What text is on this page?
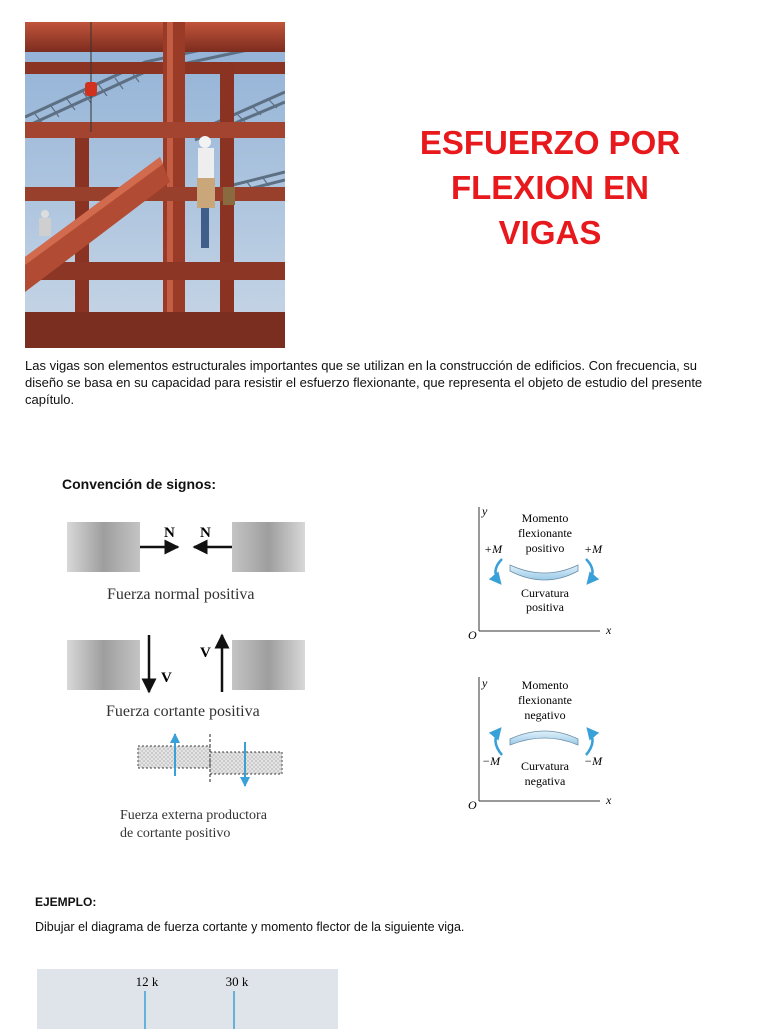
ESFUERZO POR
FLEXION EN
VIGAS
Las vigas son elementos estructurales importantes que se utilizan en la construcción de edificios. Con frecuencia, su diseño se basa en su capacidad para resistir el esfuerzo flexionante, que representa el objeto de estudio del presente capítulo.
Convención de signos:
N N
Fuerza normal positiva
V
V
Fuerza cortante positiva
Fuerza externa productora
de cortante positivo
y
x
O
Momento
flexionante
positivo
+M	+M
Curvatura
positiva
y
x
O
Momento
flexionante
negativo
−M	−M
Curvatura
negativa
EJEMPLO:
Dibujar el diagrama de fuerza cortante y momento flector de la siguiente viga.
12 k	30 k
